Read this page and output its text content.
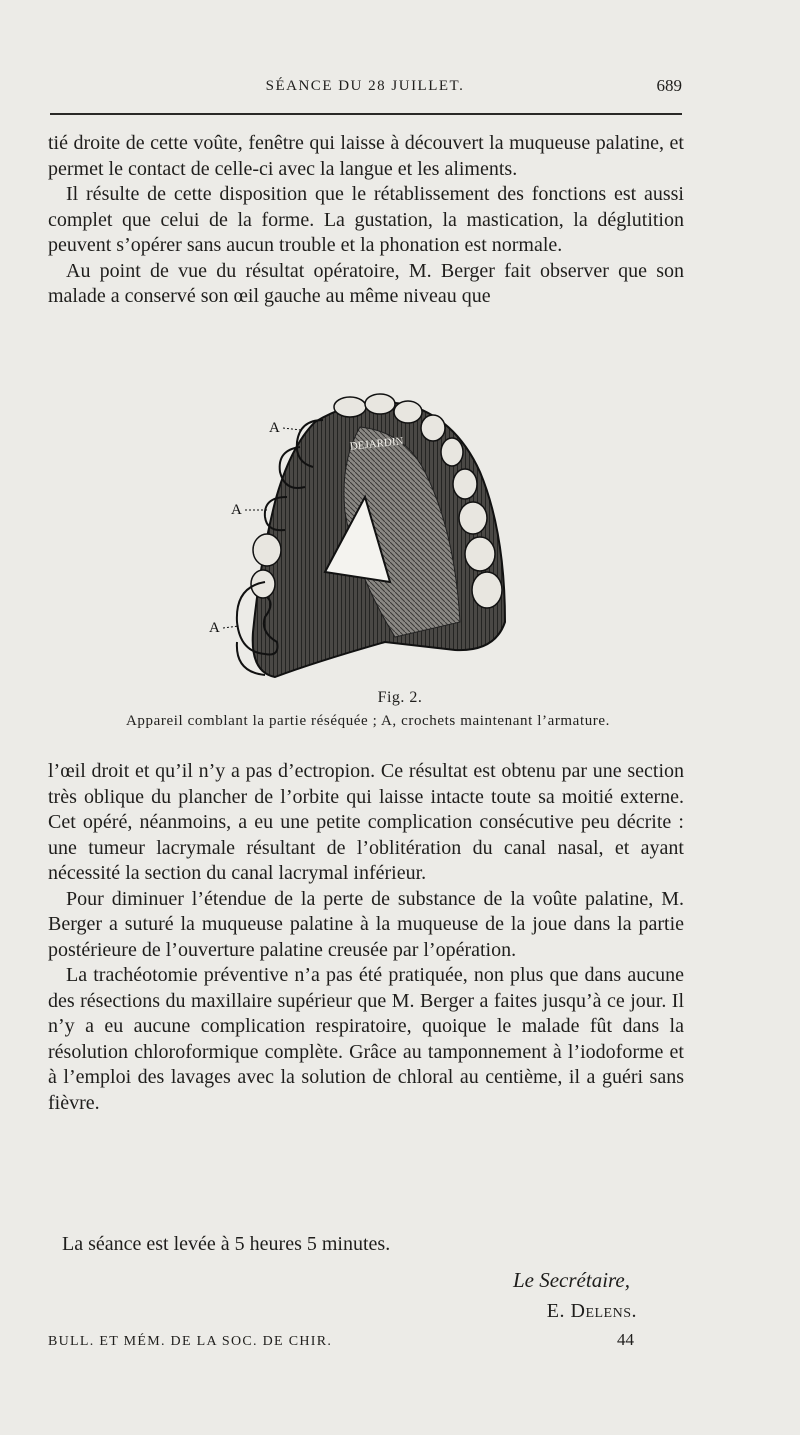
SÉANCE DU 28 JUILLET.	689

tié droite de cette voûte, fenêtre qui laisse à découvert la muqueuse palatine, et permet le contact de celle-ci avec la langue et les aliments.

Il résulte de cette disposition que le rétablissement des fonctions est aussi complet que celui de la forme. La gustation, la mastication, la déglutition peuvent s’opérer sans aucun trouble et la phonation est normale.

Au point de vue du résultat opératoire, M. Berger fait observer que son malade a conservé son œil gauche au même niveau que

DEJARDIN
A
A
A
Fig. 2.
Appareil comblant la partie réséquée ; A, crochets maintenant l’armature.

l’œil droit et qu’il n’y a pas d’ectropion. Ce résultat est obtenu par une section très oblique du plancher de l’orbite qui laisse intacte toute sa moitié externe. Cet opéré, néanmoins, a eu une petite complication consécutive peu décrite : une tumeur lacrymale résultant de l’oblitération du canal nasal, et ayant nécessité la section du canal lacrymal inférieur.

Pour diminuer l’étendue de la perte de substance de la voûte palatine, M. Berger a suturé la muqueuse palatine à la muqueuse de la joue dans la partie postérieure de l’ouverture palatine creusée par l’opération.

La trachéotomie préventive n’a pas été pratiquée, non plus que dans aucune des résections du maxillaire supérieur que M. Berger a faites jusqu’à ce jour. Il n’y a eu aucune complication respiratoire, quoique le malade fût dans la résolution chloroformique complète. Grâce au tamponnement à l’iodoforme et à l’emploi des lavages avec la solution de chloral au centième, il a guéri sans fièvre.

La séance est levée à 5 heures 5 minutes.
Le Secrétaire,
E. Delens.
BULL. ET MÉM. DE LA SOC. DE CHIR.	44
